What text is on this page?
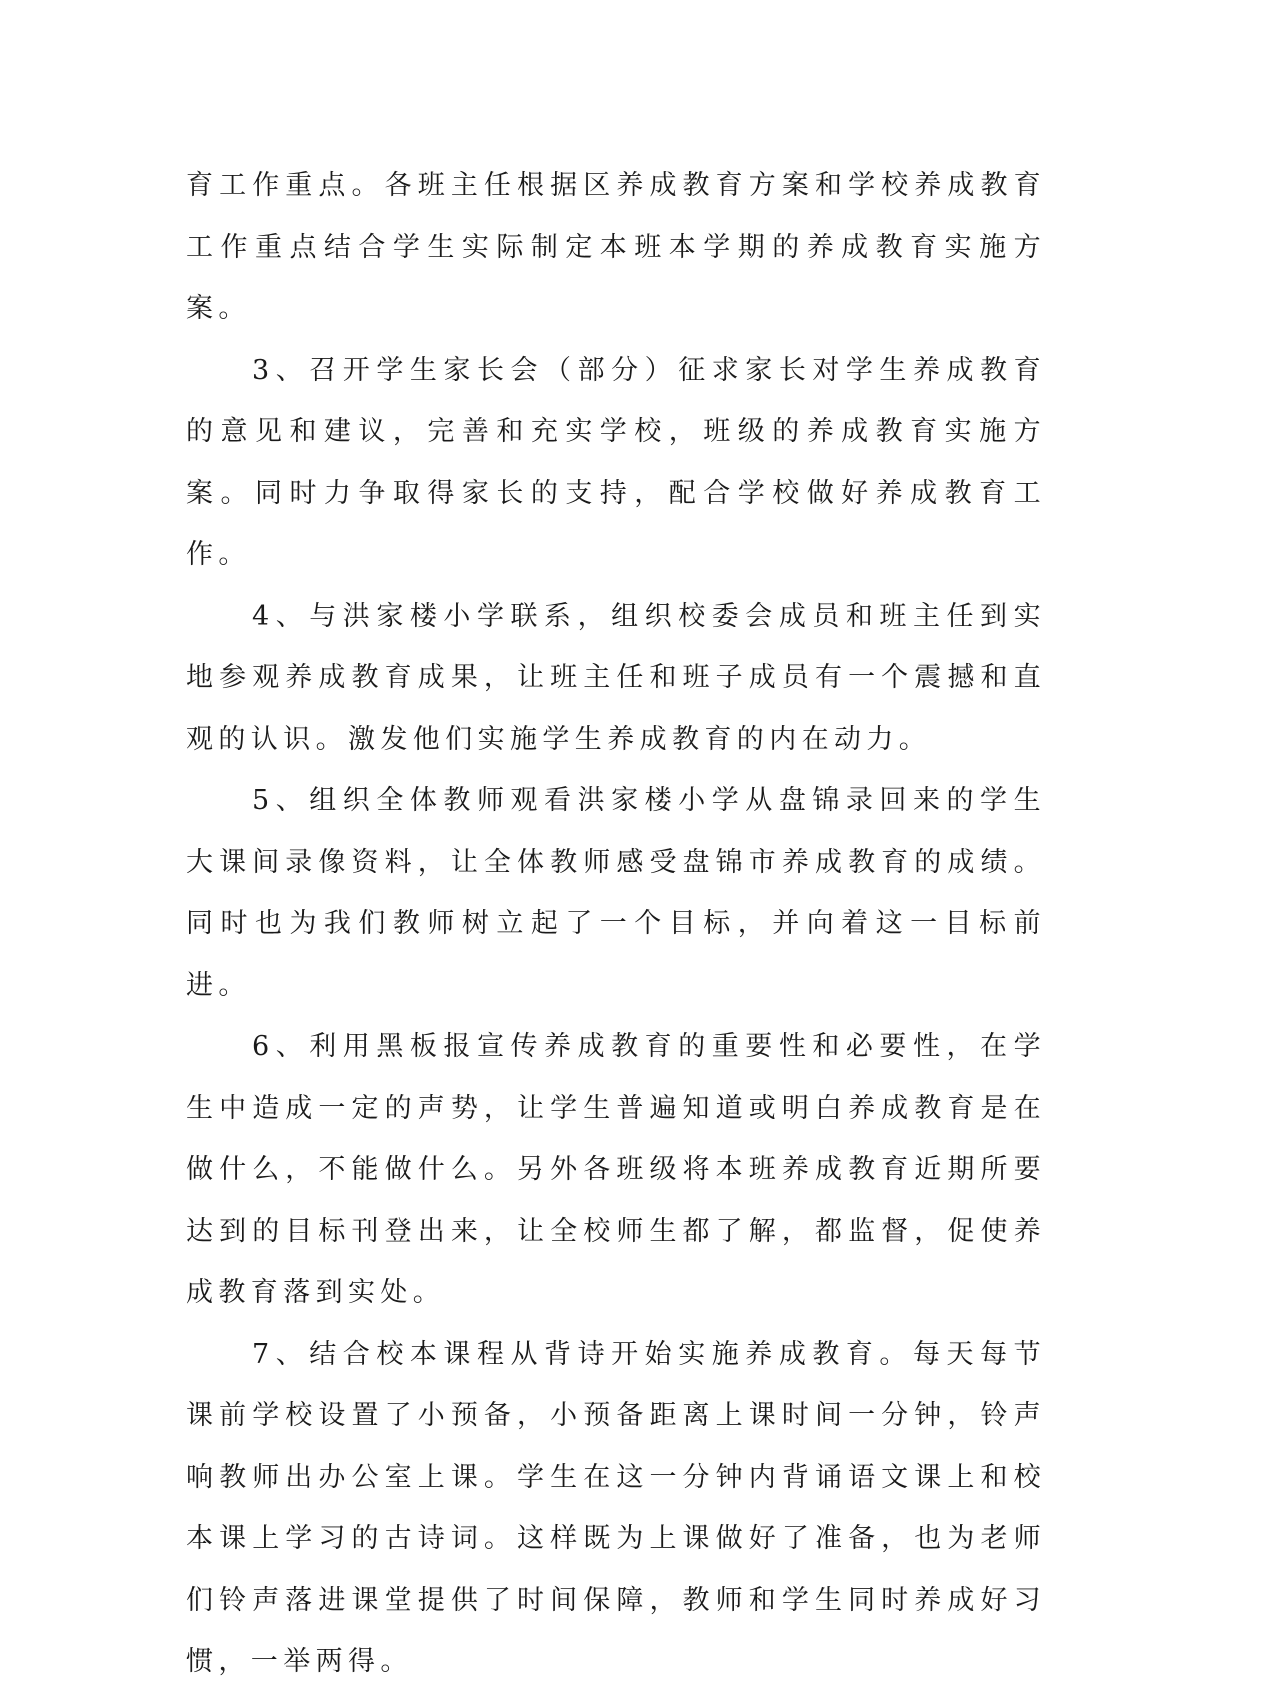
育工作重点。各班主任根据区养成教育方案和学校养成教育工作重点结合学生实际制定本班本学期的养成教育实施方案。

3、召开学生家长会（部分）征求家长对学生养成教育的意见和建议，完善和充实学校，班级的养成教育实施方案。同时力争取得家长的支持，配合学校做好养成教育工作。

4、与洪家楼小学联系，组织校委会成员和班主任到实地参观养成教育成果，让班主任和班子成员有一个震撼和直观的认识。激发他们实施学生养成教育的内在动力。

5、组织全体教师观看洪家楼小学从盘锦录回来的学生大课间录像资料，让全体教师感受盘锦市养成教育的成绩。同时也为我们教师树立起了一个目标，并向着这一目标前进。

6、利用黑板报宣传养成教育的重要性和必要性，在学生中造成一定的声势，让学生普遍知道或明白养成教育是在做什么，不能做什么。另外各班级将本班养成教育近期所要达到的目标刊登出来，让全校师生都了解，都监督，促使养成教育落到实处。

7、结合校本课程从背诗开始实施养成教育。每天每节课前学校设置了小预备，小预备距离上课时间一分钟，铃声响教师出办公室上课。学生在这一分钟内背诵语文课上和校本课上学习的古诗词。这样既为上课做好了准备，也为老师们铃声落进课堂提供了时间保障，教师和学生同时养成好习惯，一举两得。
